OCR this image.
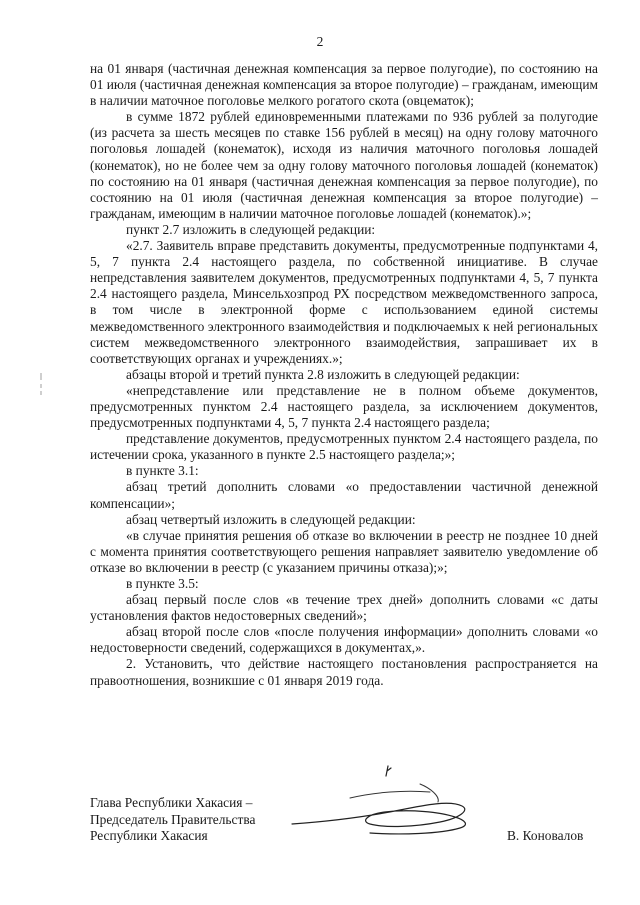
2

на 01 января (частичная денежная компенсация за первое полугодие), по состоянию на 01 июля (частичная денежная компенсация за второе полугодие) – гражданам, имеющим в наличии маточное поголовье мелкого рогатого скота (овцематок);

в сумме 1872 рублей единовременными платежами по 936 рублей за полугодие (из расчета за шесть месяцев по ставке 156 рублей в месяц) на одну голову маточного поголовья лошадей (конематок), исходя из наличия маточного поголовья лошадей (конематок), но не более чем за одну голову маточного поголовья лошадей (конематок) по состоянию на 01 января (частичная денежная компенсация за первое полугодие), по состоянию на 01 июля (частичная денежная компенсация за второе полугодие) – гражданам, имеющим в наличии маточное поголовье лошадей (конематок).»;

пункт 2.7 изложить в следующей редакции:

«2.7. Заявитель вправе представить документы, предусмотренные подпунктами 4, 5, 7 пункта 2.4 настоящего раздела, по собственной инициативе. В случае непредставления заявителем документов, предусмотренных подпунктами 4, 5, 7 пункта 2.4 настоящего раздела, Минсельхозпрод РХ посредством межведомственного запроса, в том числе в электронной форме с использованием единой системы межведомственного электронного взаимодействия и подключаемых к ней региональных систем межведомственного электронного взаимодействия, запрашивает их в соответствующих органах и учреждениях.»;

абзацы второй и третий пункта 2.8 изложить в следующей редакции:

«непредставление или представление не в полном объеме документов, предусмотренных пунктом 2.4 настоящего раздела, за исключением документов, предусмотренных подпунктами 4, 5, 7 пункта 2.4 настоящего раздела;

представление документов, предусмотренных пунктом 2.4 настоящего раздела, по истечении срока, указанного в пункте 2.5 настоящего раздела;»;

в пункте 3.1:

абзац третий дополнить словами «о предоставлении частичной денежной компенсации»;

абзац четвертый изложить в следующей редакции:

«в случае принятия решения об отказе во включении в реестр не позднее 10 дней с момента принятия соответствующего решения направляет заявителю уведомление об отказе во включении в реестр (с указанием причины отказа);»;

в пункте 3.5:

абзац первый после слов «в течение трех дней» дополнить словами «с даты установления фактов недостоверных сведений»;

абзац второй после слов «после получения информации» дополнить словами «о недостоверности сведений, содержащихся в документах,».

2. Установить, что действие настоящего постановления распространяется на правоотношения, возникшие с 01 января 2019 года.

Глава Республики Хакасия –
Председатель Правительства
Республики Хакасия	В. Коновалов
